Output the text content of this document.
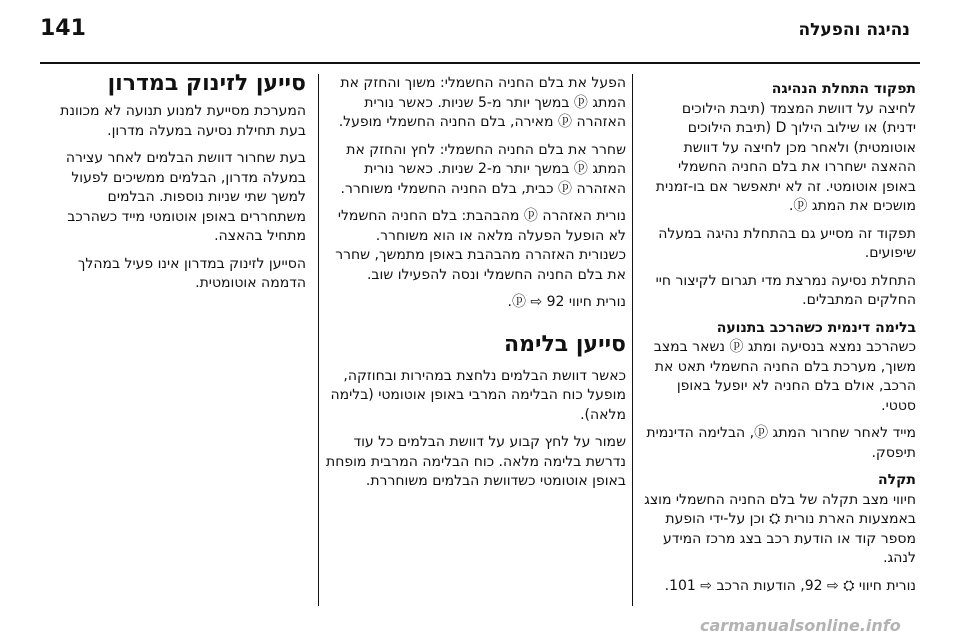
141	נהיגה והפעלה
תפקוד התחלת הנהיגה

לחיצה על דוושת המצמד (תיבת הילוכים ידנית) או שילוב הילוך D (תיבת הילוכים אוטומטית) ולאחר מכן לחיצה על דוושת ההאצה ישחררו את בלם החניה החשמלי באופן אוטומטי. זה לא יתאפשר אם בו-זמנית מושכים את המתג ⓟ.

תפקוד זה מסייע גם בהתחלת נהיגה במעלה שיפועים.

התחלת נסיעה נמרצת מדי תגרום לקיצור חיי החלקים המתבלים.

בלימה דינמית כשהרכב בתנועה

כשהרכב נמצא בנסיעה ומתג ⓟ נשאר במצב משוך, מערכת בלם החניה החשמלי תאט את הרכב, אולם בלם החניה לא יופעל באופן סטטי.

מייד לאחר שחרור המתג ⓟ, הבלימה הדינמית תיפסק.

תקלה

חיווי מצב תקלה של בלם החניה החשמלי מוצג באמצעות הארת נורית ⛭ וכן על-ידי הופעת מספר קוד או הודעת רכב בצג מרכז המידע לנהג.

נורית חיווי ⛭ ⇨ 92, הודעות הרכב ⇨ 101.

הפעל את בלם החניה החשמלי: משוך והחזק את המתג ⓟ במשך יותר מ-5 שניות. כאשר נורית האזהרה ⓟ מאירה, בלם החניה החשמלי מופעל.

שחרר את בלם החניה החשמלי: לחץ והחזק את המתג ⓟ במשך יותר מ-2 שניות. כאשר נורית האזהרה ⓟ כבית, בלם החניה החשמלי משוחרר.

נורית האזהרה ⓟ מהבהבת: בלם החניה החשמלי לא הופעל הפעלה מלאה או הוא משוחרר. כשנורית האזהרה מהבהבת באופן מתמשך, שחרר את בלם החניה החשמלי ונסה להפעילו שוב.

נורית חיווי ⓟ ⇨ 92.

סייען בלימה

כאשר דוושת הבלמים נלחצת במהירות ובחוזקה, מופעל כוח הבלימה המרבי באופן אוטומטי (בלימה מלאה).

שמור על לחץ קבוע על דוושת הבלמים כל עוד נדרשת בלימה מלאה. כוח הבלימה המרבית מופחת באופן אוטומטי כשדוושת הבלמים משוחררת.

סייען לזינוק במדרון

המערכת מסייעת למנוע תנועה לא מכוונת בעת תחילת נסיעה במעלה מדרון.

בעת שחרור דוושת הבלמים לאחר עצירה במעלה מדרון, הבלמים ממשיכים לפעול למשך שתי שניות נוספות. הבלמים משתחררים באופן אוטומטי מייד כשהרכב מתחיל בהאצה.

הסייען לזינוק במדרון אינו פעיל במהלך הדממה אוטומטית.

carmanualsonline.info
